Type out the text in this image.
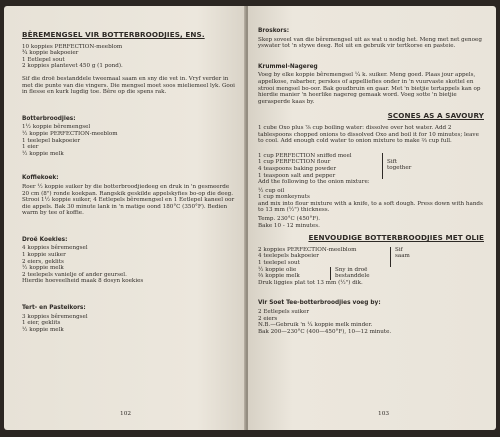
BÊREMENGSEL VIR BOTTERBROODJIES, ENS.
10 koppies PERFECTION-meeblom
¾ koppie bakpoeier
1 Eetlepel sout
2 koppies plantevet 450 g (1 pond).

Sif die droë bestanddele tweemaal saam en sny die vet in. Vryf verder in met die punte van die vingers. Die mengsel moet soos mieliemeel lyk. Gooi in flesse en kurk lugdig toe. Bêre op die spens rak.

Botterbroodjies:
1½ koppie bêremengsel
½ koppie PERFECTION-meeblom
1 teelepel bakpoeier
1 eier
½ koppie melk
Koffiekoek:

Roer ½ koppie suiker by die botterbroodjiedeeg en druk in 'n gesmeerde 20 cm (8") ronde koekpan. Rangskik geskilde appelskyfies bo-op die deeg. Strooi 1½ koppie suiker, 4 Eetlepels bêremengsel en 1 Eetlepel kaneel oor die appels. Bak 30 minute lank in 'n matige oond 180°C (350°F). Bedien warm by tee of koffie.

Droë Koekies:
4 koppies bêremengsel
1 koppie suiker
2 eiers, geklits
½ koppie melk
2 teelepels vanielje of ander geursel.

Hierdie hoeveelheid maak 8 dosyn koekies

Tert- en Pasteikors:
3 koppies bêremengsel
1 eier, geklits
½ koppie melk
102
Broskors:

Skep soveel van die bêremengsel uit as wat u nodig het. Meng met net genoeg yswater tot 'n stywe deeg. Rol uit en gebruik vir tertkorse en pasteie.

Krummel-Nagereg

Voeg by elke koppie bêremengsel ¼ k. suiker. Meng goed. Plaas jour appels, appelkose, rabarber, perskes of appelliefies onder in 'n vuurvaste skottel en strooi mengsel bo-oor. Bak goudbruin en gaar. Met 'n bietjie tertappels kan op hierdie manier 'n heerlike nagereg gemaak word. Voeg sotte 'n bietjie gerasperde kaas by.

SCONES AS A SAVOURY

1 cube Oxo plus ⅞ cup boiling water: dissolve over hot water. Add 2 tablespoons chopped onions to dissolved Oxo and boil it for 10 minutes; leave to cool. Add enough cold water to onion mixture to make ⅔ cup full.

1 cup PERFECTION sniffed meel
1 cup PERFECTION flour
4 teaspoons baking powder
1 teaspoon salt and pepper
Sift
together

Add the following to the onion mixture:

½ cup oil
1 cup monkeynuts

and mix into flour mixture with a knife, to a soft dough. Press down with hands to 13 mm (½") thickness.

Temp. 230°C (450°F).
Bake 10 - 12 minutes.
EENVOUDIGE BOTTERBROODJIES MET OLIE
2 koppies PERFECTION-meelblom
4 teelepels bakpoeier
1 teelepel sout
Sif
saam
½ koppie olie
⅔ koppie melk
Sny in droë
bestanddele

Druk liggies plat tot 13 mm (½") dik.

Vir Soet Tee-botterbroodjies voeg by:
2 Eetlepels suiker
2 eiers
N.B.—Gebruik 'n ¼ koppie melk minder.
Bak 200—230°C (400—450°F), 10—12 minute.
103
